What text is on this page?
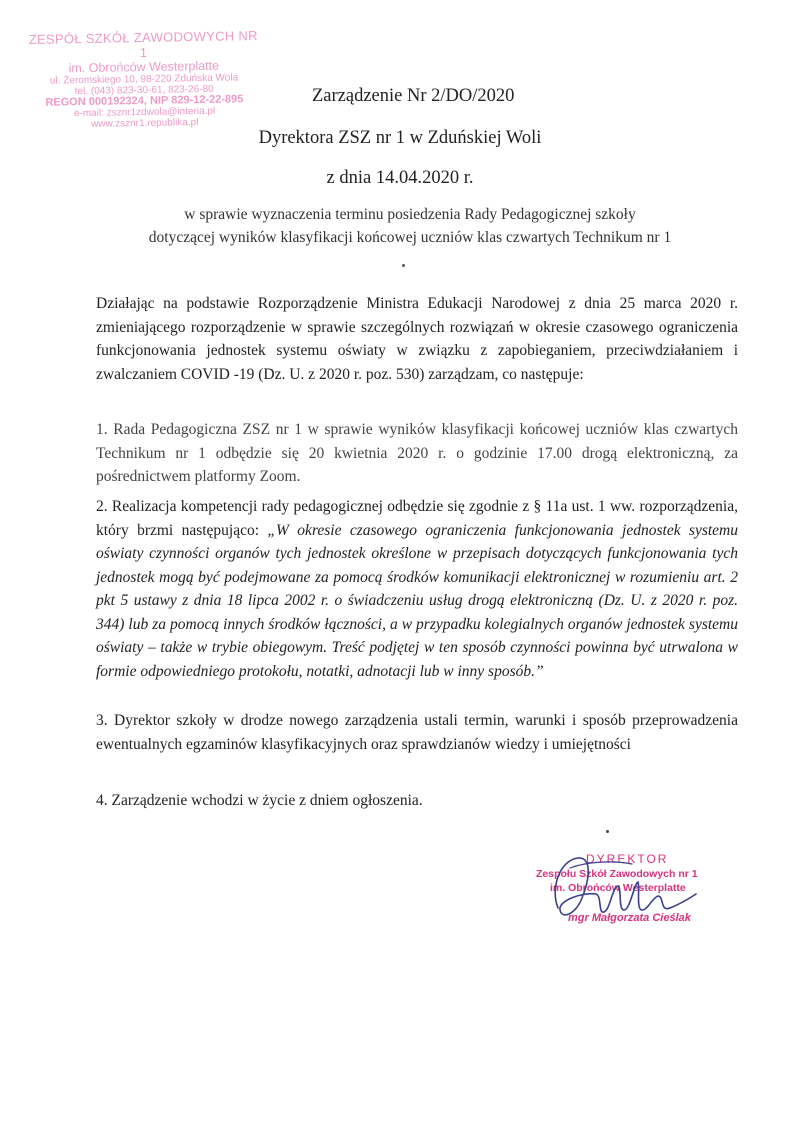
ZESPÓŁ SZKÓŁ ZAWODOWYCH NR 1
im. Obrońców Westerplatte
ul. Żeromskiego 10, 98-220 Zduńska Wola
tel. (043) 823-30-61, 823-26-80
REGON 000192324, NIP 829-12-22-895
e-mail: zsznr1zdwola@interia.pl
www.zsznr1.republika.pl
Zarządzenie Nr 2/DO/2020
Dyrektora ZSZ nr 1 w Zduńskiej Woli
z dnia 14.04.2020 r.
w sprawie wyznaczenia terminu posiedzenia Rady Pedagogicznej szkoły
dotyczącej wyników klasyfikacji końcowej uczniów klas czwartych Technikum nr 1
Działając na podstawie Rozporządzenie Ministra Edukacji Narodowej z dnia 25 marca 2020 r. zmieniającego rozporządzenie w sprawie szczególnych rozwiązań w okresie czasowego ograniczenia funkcjonowania jednostek systemu oświaty w związku z zapobieganiem, przeciwdziałaniem i zwalczaniem COVID -19 (Dz. U. z 2020 r. poz. 530) zarządzam, co następuje:
1. Rada Pedagogiczna ZSZ nr 1 w sprawie wyników klasyfikacji końcowej uczniów klas czwartych Technikum nr 1 odbędzie się 20 kwietnia 2020 r. o godzinie 17.00 drogą elektroniczną, za pośrednictwem platformy Zoom.
2. Realizacja kompetencji rady pedagogicznej odbędzie się zgodnie z § 11a ust. 1 ww. rozporządzenia, który brzmi następująco: „W okresie czasowego ograniczenia funkcjonowania jednostek systemu oświaty czynności organów tych jednostek określone w przepisach dotyczących funkcjonowania tych jednostek mogą być podejmowane za pomocą środków komunikacji elektronicznej w rozumieniu art. 2 pkt 5 ustawy z dnia 18 lipca 2002 r. o świadczeniu usług drogą elektroniczną (Dz. U. z 2020 r. poz. 344) lub za pomocą innych środków łączności, a w przypadku kolegialnych organów jednostek systemu oświaty – także w trybie obiegowym. Treść podjętej w ten sposób czynności powinna być utrwalona w formie odpowiedniego protokołu, notatki, adnotacji lub w inny sposób.”
3. Dyrektor szkoły w drodze nowego zarządzenia ustali termin, warunki i sposób przeprowadzenia ewentualnych egzaminów klasyfikacyjnych oraz sprawdzianów wiedzy i umiejętności
4. Zarządzenie wchodzi w życie z dniem ogłoszenia.
DYREKTOR
Zespołu Szkół Zawodowych nr 1
im. Obrońców Westerplatte
mgr Małgorzata Cieślak
